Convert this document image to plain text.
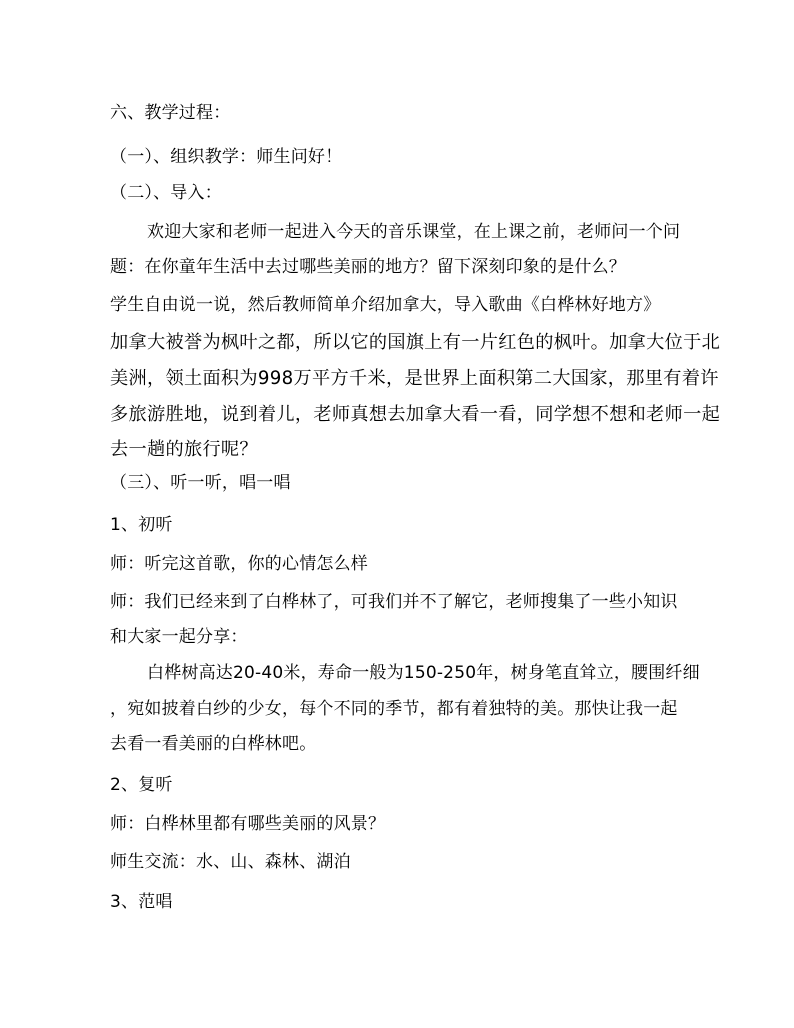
六、教学过程：
（一）、组织教学：师生问好！
（二）、导入：
欢迎大家和老师一起进入今天的音乐课堂，在上课之前，老师问一个问
题：在你童年生活中去过哪些美丽的地方？留下深刻印象的是什么？
学生自由说一说，然后教师简单介绍加拿大，导入歌曲《白桦林好地方》
加拿大被誉为枫叶之都，所以它的国旗上有一片红色的枫叶。加拿大位于北
美洲，领土面积为998万平方千米，是世界上面积第二大国家，那里有着许
多旅游胜地，说到着儿，老师真想去加拿大看一看，同学想不想和老师一起
去一趟的旅行呢？
（三）、听一听，唱一唱
1、初听
师：听完这首歌，你的心情怎么样
师：我们已经来到了白桦林了，可我们并不了解它，老师搜集了一些小知识
和大家一起分享：
白桦树高达20-40米，寿命一般为150-250年，树身笔直耸立，腰围纤细
，宛如披着白纱的少女，每个不同的季节，都有着独特的美。那快让我一起
去看一看美丽的白桦林吧。
2、复听
师：白桦林里都有哪些美丽的风景？
师生交流：水、山、森林、湖泊
3、范唱
